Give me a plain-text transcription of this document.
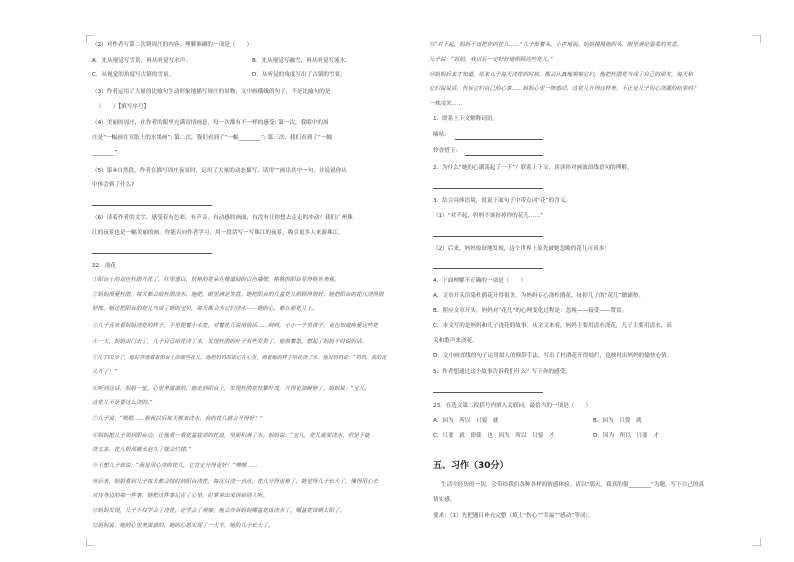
（2）对作者写第二次到周庄的内容，理解准确的一项是（　　）
A．先从视觉写雪景，再从听觉写水声。	B．先从视觉写融雪，再从听觉写流水。
C．从视觉的角度写古镇的雪景。	D．从听觉的角度写出了古镇的雪景。
（3）作者运用了大量的比喻句生动形象地描写周庄的景物，文中画横线的句子，不是比喻句的是
（　　）【填写序号】
（4）美丽的周庄，在作者的眼里充满诗情画意，每一次都有不一样的感受: 第一次，我眼中的周
庄是“一幅画在宣纸上的水墨画”; 第二次，我们看到了“一幅________”; 第三次，我们看到了“一幅
________”。
（5）第④自然段，作者在描写周庄夜景时，运用了大量的动态描写，请用“”画出其中一句，并说说你从
中体会到了什么?
（6）读着作者的文字，感受着有色彩、有声音、有动感的画面，有没有让你想去走走的冲动？我们广州珠
江的夜景也是一幅美丽的画，你能否向作者学习，用一段话写一写珠江的夜景，吸引更多人来游珠江。
22．浇花
①阳台上的双色杜鹃开花了，红里透白，妖艳的花朵在楼道间的白色墙壁，格格的阳台显得格外美观。
②妈妈很爱杜鹃，每天都会给杜鹃浇水、施肥，眼里满是笑意。她把阳台的几盆花儿照顾得很好，她把阳台的花儿浇得很
好像。她还把阳台的花儿当成了她的宝贝，每天都会为它们浇水——她的心，都在那花儿上。
③儿子喜欢看妈妈浇花的样子，手里提着小水壶，对着花儿说悄悄话……呵呵，小小一个男孩子，竟也知道疼爱这些花
④一天，妈妈出门去了，儿子自己给花浇了水，发现杜鹃的叶子有些发黄了，他很着急，想起了妈妈平时说的话。
⑤儿子10岁了，他好奇地看着阳台上的那些花儿。他把妈妈的话记在心里，照着她的样子给花浇了水。他对妈妈说：“妈妈，我的花
儿开了！”
⑥听到这话，妈妈一怔，心里美滋滋的，她走到阳台上，发现杜鹃花枝繁叶茂，开得更加鲜艳了。妈妈说：“宝儿，
这花儿不是要这么浇的。”
⑦儿子说：“嗯嗯……那我以后每天都来浇水，我的花儿就会开得好！”
⑧妈妈把儿子领到阳台边，让他看一看花盆底部的托盘，里面积满了水。妈妈说：“宝儿，花儿需要浇水，但是不能
浇太多，花儿根部被水泡久了就会烂掉。”
⑨不想儿子却说：“我是用心浇的花儿，它肯定开得更好！”嘿嘿……
⑩后来，妈妈看到儿子每天都会按时到阳台浇花，每次只浇一点点，花儿开得更艳了，她觉得儿子长大了，懂得用心去
对待身边的每一件事，她把这件事记在了心里，时常拿出来讲给别人听。
⑪妈妈发现，儿子不仅学会了浇花，还学会了观察，他会告诉妈妈哪盆花该浇水了，哪盆花该晒太阳了。
⑫妈妈说：她的心里美滋滋的，她的心愿实现了一大半，她的儿子长大了。
⑬“对不起，妈妈不该把你的花儿……”儿子低着头，小声地说。妈妈摸摸他的头，眼里满是温柔的笑意。
儿子说：“妈妈，我以后一定好好地照顾这些花儿。”
⑭妈妈后来才知道，原来儿子每天浇花的时候，都会认真地观察它们，他把杜鹃花当成了自己的朋友，每天和
它们说说话，告诉它们自己的心事……妈妈心里一阵感动，这花儿开得这样美，不正是儿子用心浇灌的结果吗？
一株浅笑……
1．联系上下文解释词语。
嘀咕：
怜香惜玉：
2．为什么“她的心湖荡起了一下”？联系上下文，谈谈你对画波浪线语句的理解。
3．结合具体语境，说说下面句子中带点词“花”的含义。
（1）“对不起，妈妈不该扯掉你的花儿……”
（2）后来，妈妈惊讶地发现，这个世界上原先被她忽略的花儿可真多！
4．下面理解不正确的一项是（　　）
A．文章开头渲染杜鹃花开得很美，为妈妈专心浇杜鹃花、扯掉儿子的“花儿”做铺垫。
B．照应文章开头，妈妈对“花儿”的心理变化过程是：忽视——接受——赞赏。
C．本文写的是妈妈和儿子浇花的故事。从全文来看，妈妈主要用清水浇花，儿子主要用清水、高
关和歌声来浇花。
D．文中画直线的句子运用拟人的修辞手法，写出了杜鹃花开得灿烂，也映衬出妈妈的愉快心情。
5．作者想通过这个故事告诉我们什么？写下你的感受。
23．在选文第二段括号内填入关联词，最恰当的一项是（　　）
A．因为　所以　只要　就	B．因为　只要　就
C．只要　就　即使　也　因为　所以　只要　才	D．因为　所以　只要　才
五、习作（30分）
生活中经历的一切，会带给我们各种各样的情感体验。请以“那天，我真的很________”为题，写下自己的真
情实感。
要求：（1）先把题目补充完整（填上“伤心”“幸福”“感动”等词）。
